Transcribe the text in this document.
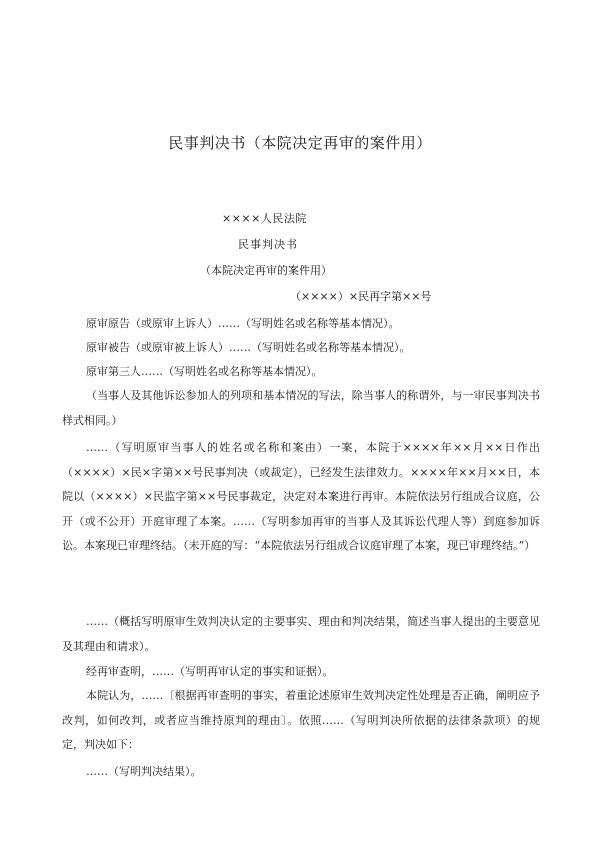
民事判决书（本院决定再审的案件用）
××××人民法院
民事判决书
（本院决定再审的案件用）
（××××）×民再字第××号

原审原告（或原审上诉人）……（写明姓名或名称等基本情况）。

原审被告（或原审被上诉人）……（写明姓名或名称等基本情况）。

原审第三人……（写明姓名或名称等基本情况）。

（当事人及其他诉讼参加人的列项和基本情况的写法，除当事人的称谓外，与一审民事判决书样式相同。）

……（写明原审当事人的姓名或名称和案由）一案，本院于××××年××月××日作出（××××）×民×字第××号民事判决（或裁定），已经发生法律效力。××××年××月××日，本院以（××××）×民监字第××号民事裁定，决定对本案进行再审。本院依法另行组成合议庭，公开（或不公开）开庭审理了本案。……（写明参加再审的当事人及其诉讼代理人等）到庭参加诉讼。本案现已审理终结。（未开庭的写：“本院依法另行组成合议庭审理了本案，现已审理终结。”）

……（概括写明原审生效判决认定的主要事实、理由和判决结果，简述当事人提出的主要意见及其理由和请求）。

经再审查明，……（写明再审认定的事实和证据）。

本院认为，……〔根据再审查明的事实，着重论述原审生效判决定性处理是否正确，阐明应予改判，如何改判，或者应当维持原判的理由〕。依照……（写明判决所依据的法律条款项）的规定，判决如下：

……（写明判决结果）。
